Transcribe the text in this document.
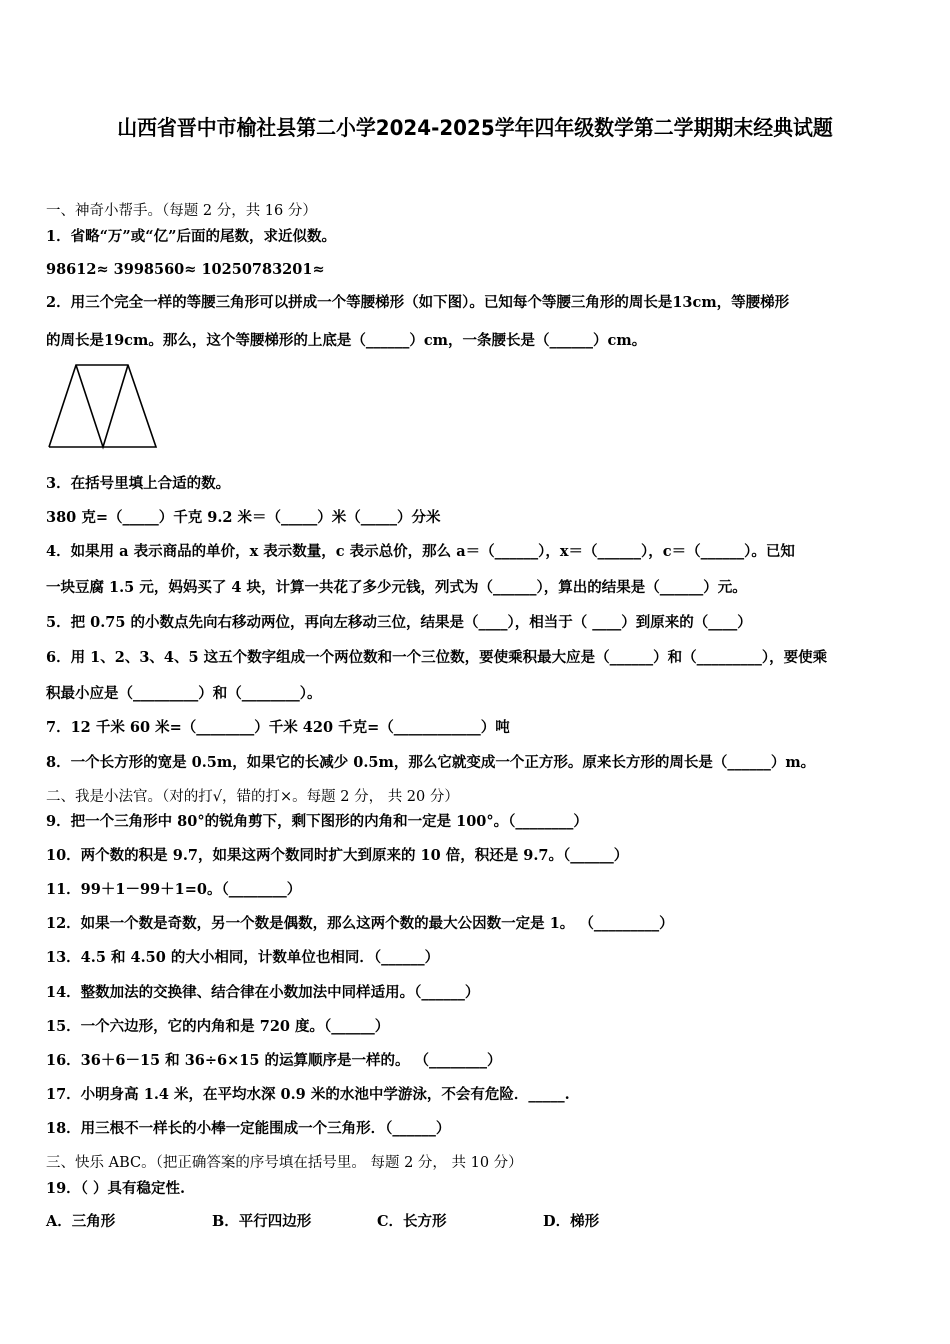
山西省晋中市榆社县第二小学2024-2025学年四年级数学第二学期期末经典试题
一、神奇小帮手。（每题 2 分，共 16 分）
1．省略“万”或“亿”后面的尾数，求近似数。
98612≈ 3998560≈ 10250783201≈
2．用三个完全一样的等腰三角形可以拼成一个等腰梯形（如下图）。已知每个等腰三角形的周长是13cm，等腰梯形
的周长是19cm。那么，这个等腰梯形的上底是（______）cm，一条腰长是（______）cm。
3．在括号里填上合适的数。
380 克=（_____）千克 9.2 米＝（_____）米（_____）分米
4．如果用 a 表示商品的单价，x 表示数量，c 表示总价，那么 a＝（______），x＝（______），c＝（______）。已知
一块豆腐 1.5 元，妈妈买了 4 块，计算一共花了多少元钱，列式为（______），算出的结果是（______）元。
5．把 0.75 的小数点先向右移动两位，再向左移动三位，结果是（____），相当于（ ____）到原来的（____）
6．用 1、2、3、4、5 这五个数字组成一个两位数和一个三位数，要使乘积最大应是（______）和（_________），要使乘
积最小应是（_________）和（________）。
7．12 千米 60 米=（________）千米 420 千克=（____________）吨
8．一个长方形的宽是 0.5m，如果它的长减少 0.5m，那么它就变成一个正方形。原来长方形的周长是（______）m。
二、我是小法官。（对的打√，错的打×。每题 2 分， 共 20 分）
9．把一个三角形中 80°的锐角剪下，剩下图形的内角和一定是 100°。（________）
10．两个数的积是 9.7，如果这两个数同时扩大到原来的 10 倍，积还是 9.7。（______）
11．99＋1－99＋1=0。（________）
12．如果一个数是奇数，另一个数是偶数，那么这两个数的最大公因数一定是 1。 （_________）
13．4.5 和 4.50 的大小相同，计数单位也相同．（______）
14．整数加法的交换律、结合律在小数加法中同样适用。（______）
15．一个六边形，它的内角和是 720 度。（______）
16．36＋6－15 和 36÷6×15 的运算顺序是一样的。 （________）
17．小明身高 1.4 米，在平均水深 0.9 米的水池中学游泳，不会有危险．_____.
18．用三根不一样长的小棒一定能围成一个三角形．（______）
三、快乐 ABC。（把正确答案的序号填在括号里。 每题 2 分， 共 10 分）
19．（ ）具有稳定性.
A．三角形	B．平行四边形	C．长方形	D．梯形
